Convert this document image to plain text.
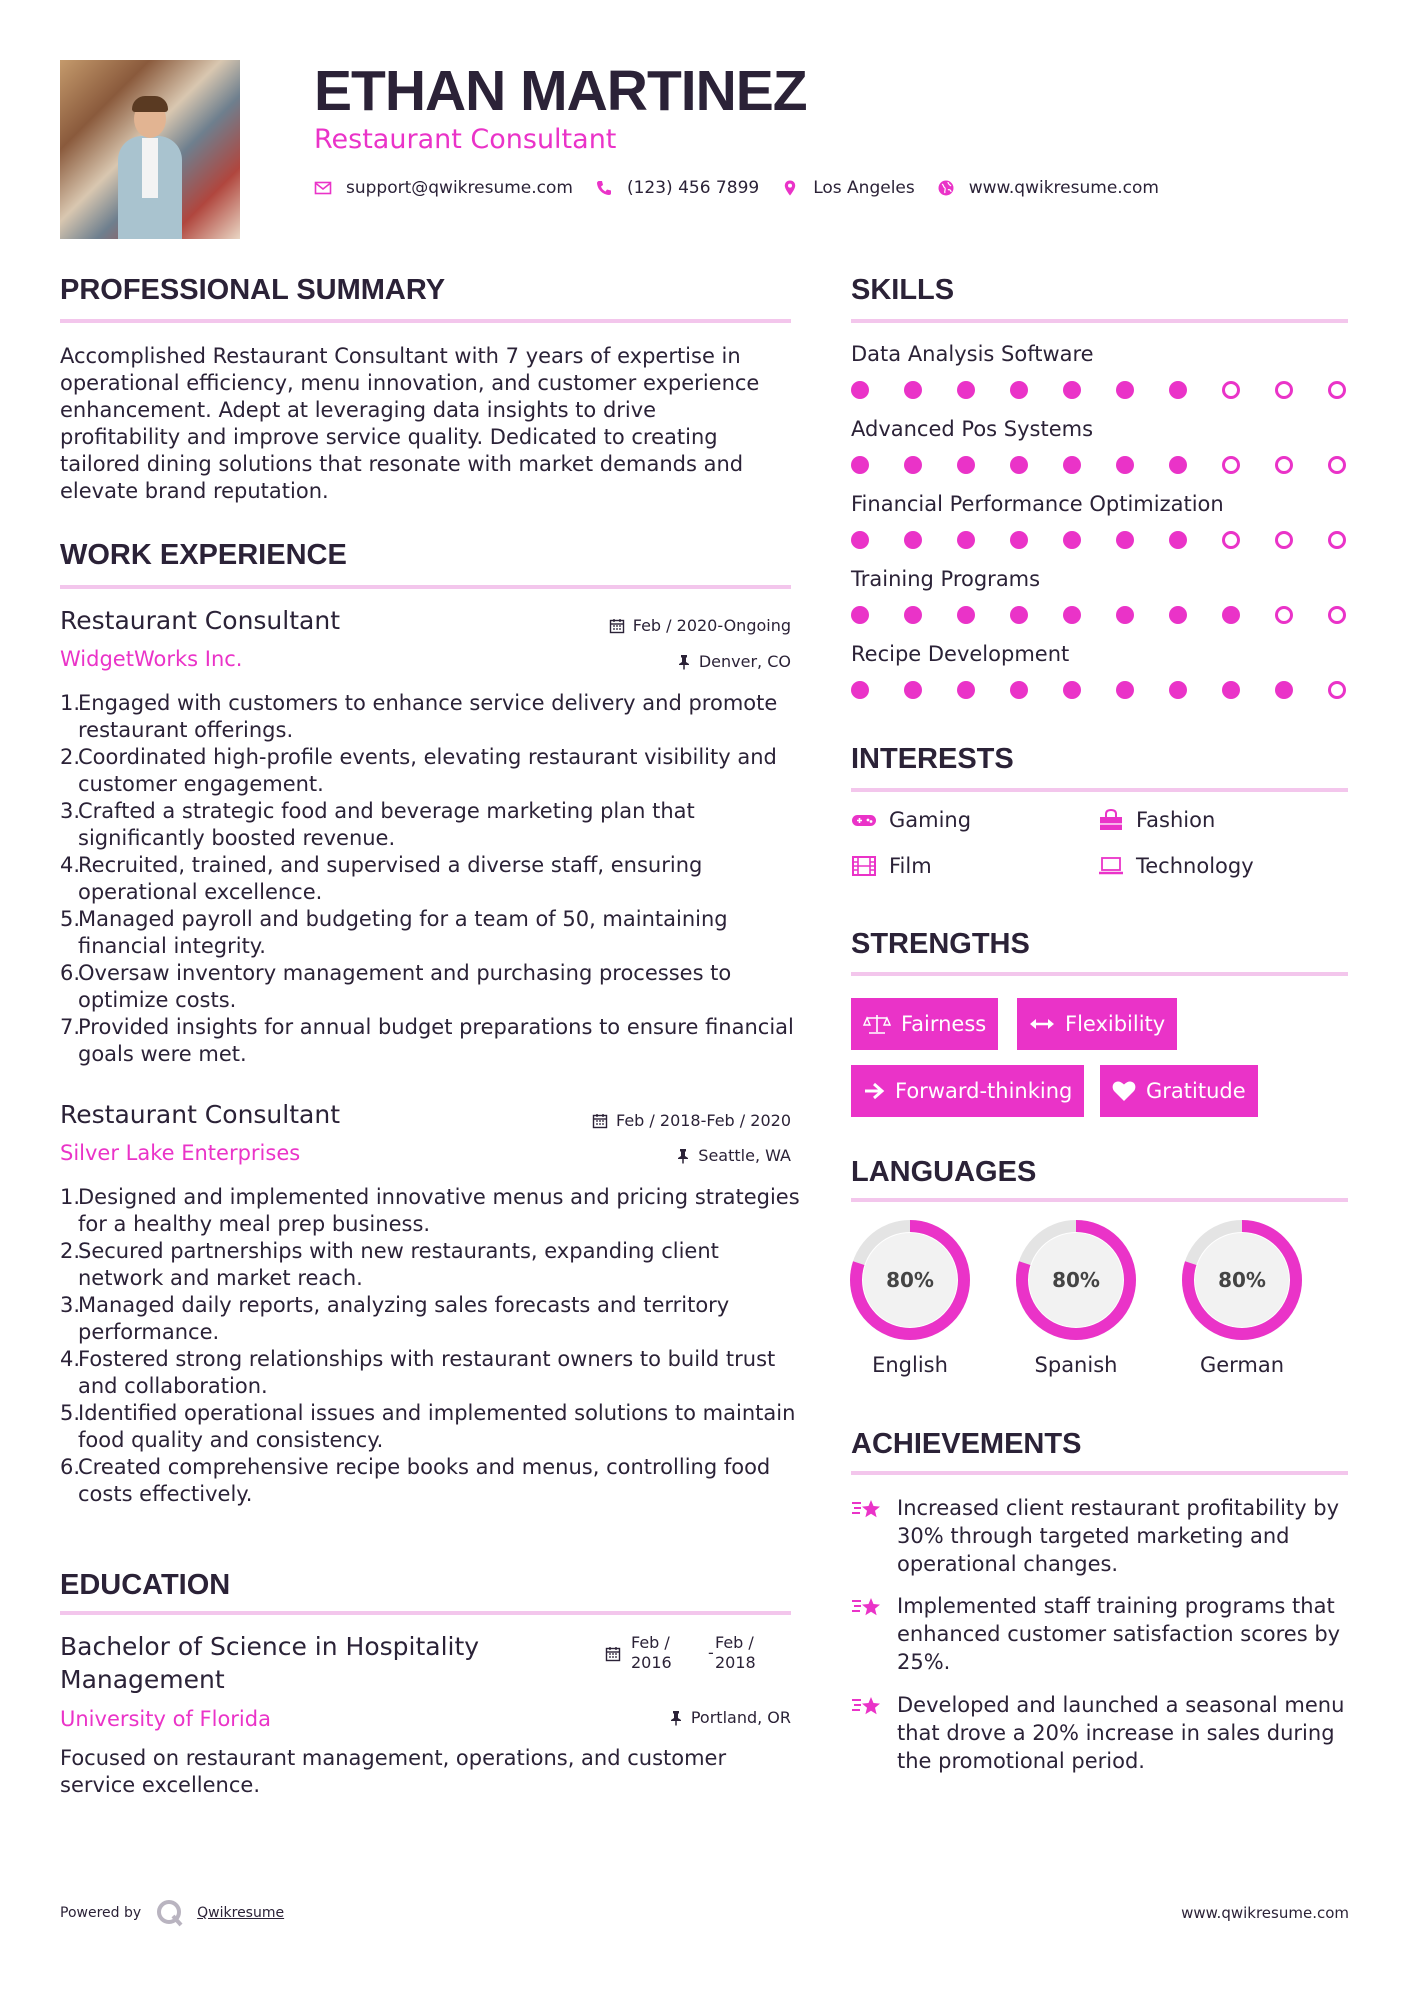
ETHAN MARTINEZ
Restaurant Consultant
support@qwikresume.com	(123) 456 7899	Los Angeles	www.qwikresume.com
PROFESSIONAL SUMMARY
Accomplished Restaurant Consultant with 7 years of expertise in operational efficiency, menu innovation, and customer experience enhancement. Adept at leveraging data insights to drive profitability and improve service quality. Dedicated to creating tailored dining solutions that resonate with market demands and elevate brand reputation.
WORK EXPERIENCE
Restaurant Consultant
WidgetWorks Inc.
Feb / 2020-Ongoing
Denver, CO
1.
Engaged with customers to enhance service delivery and promote restaurant offerings.
2.
Coordinated high-profile events, elevating restaurant visibility and customer engagement.
3.
Crafted a strategic food and beverage marketing plan that significantly boosted revenue.
4.
Recruited, trained, and supervised a diverse staff, ensuring operational excellence.
5.
Managed payroll and budgeting for a team of 50, maintaining financial integrity.
6.
Oversaw inventory management and purchasing processes to optimize costs.
7.
Provided insights for annual budget preparations to ensure financial goals were met.
Restaurant Consultant
Silver Lake Enterprises
Feb / 2018-Feb / 2020
Seattle, WA
1.
Designed and implemented innovative menus and pricing strategies for a healthy meal prep business.
2.
Secured partnerships with new restaurants, expanding client network and market reach.
3.
Managed daily reports, analyzing sales forecasts and territory performance.
4.
Fostered strong relationships with restaurant owners to build trust and collaboration.
5.
Identified operational issues and implemented solutions to maintain food quality and consistency.
6.
Created comprehensive recipe books and menus, controlling food costs effectively.
EDUCATION
Bachelor of Science in Hospitality Management
Feb /
2016
-
Feb /
2018
University of Florida	Portland, OR
Focused on restaurant management, operations, and customer service excellence.
SKILLS
Data Analysis Software
Advanced Pos Systems
Financial Performance Optimization
Training Programs
Recipe Development
INTERESTS
Gaming	Fashion
Film	Technology
STRENGTHS
Fairness	Flexibility
Forward-thinking	Gratitude
LANGUAGES
80%
English
80%
Spanish
80%
German
ACHIEVEMENTS
Increased client restaurant profitability by 30% through targeted marketing and operational changes.
Implemented staff training programs that enhanced customer satisfaction scores by 25%.
Developed and launched a seasonal menu that drove a 20% increase in sales during the promotional period.
Powered by	Qwikresume	www.qwikresume.com
